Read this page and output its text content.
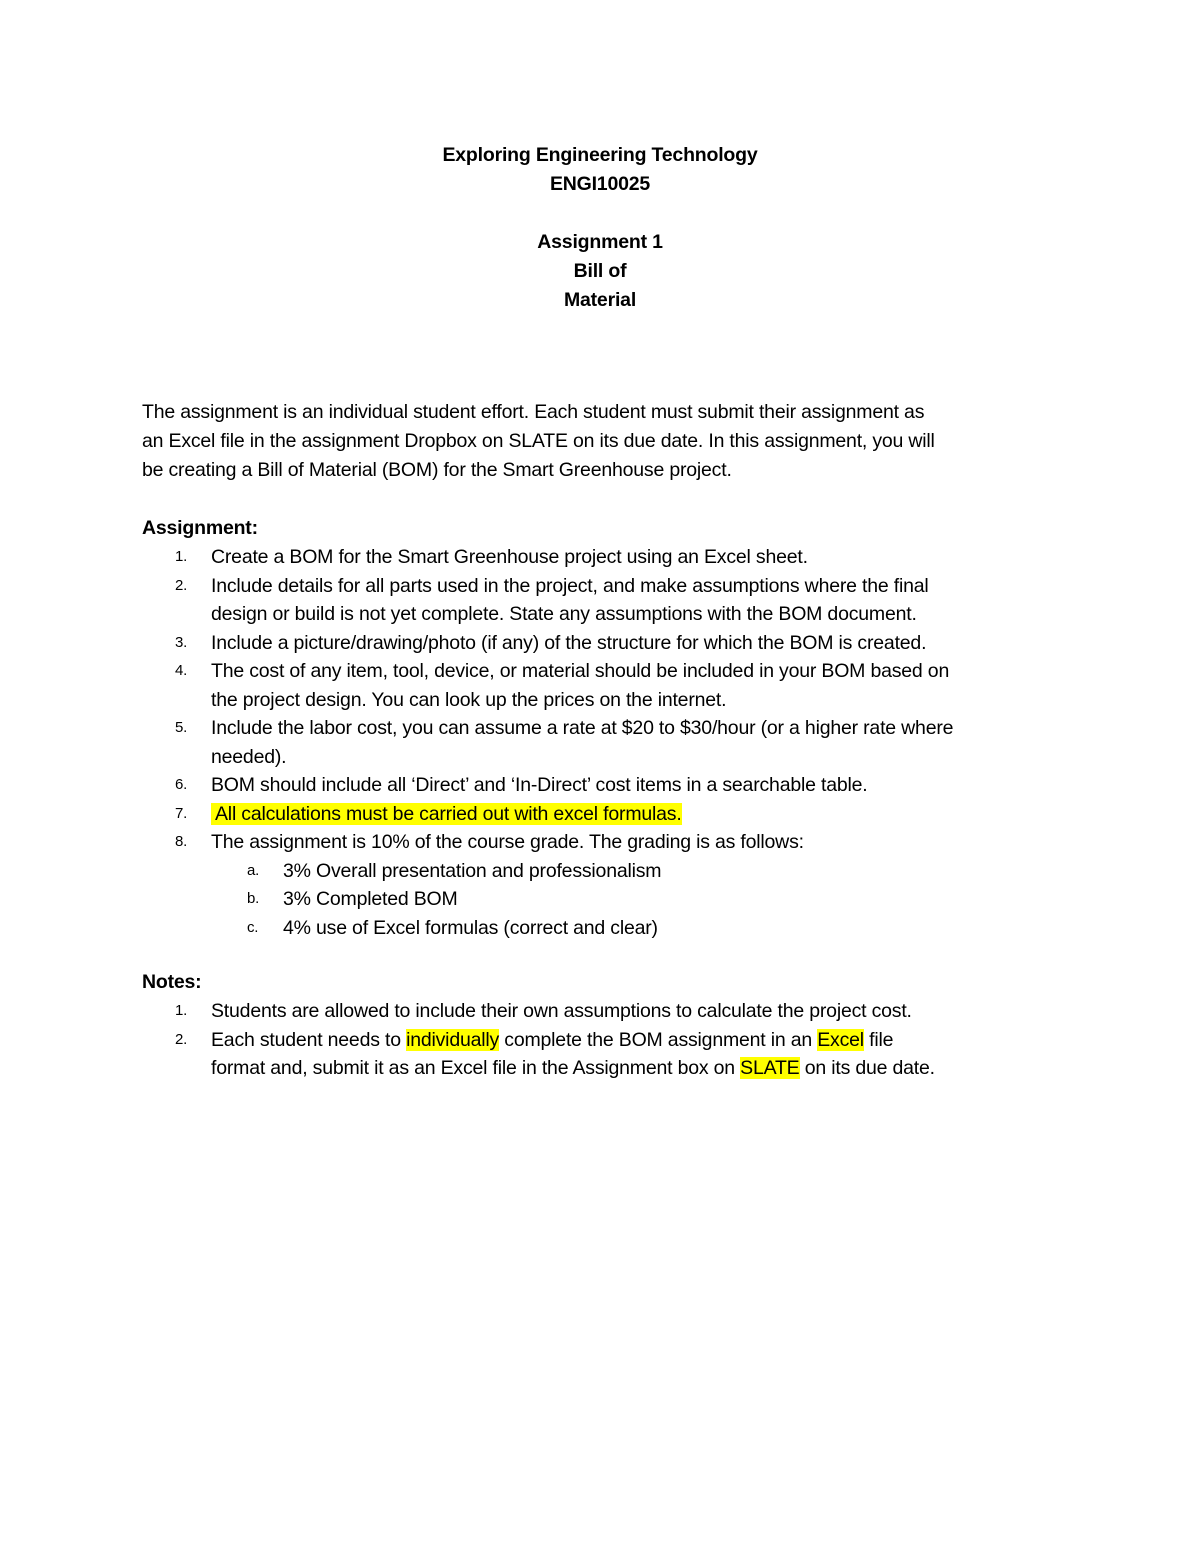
Exploring Engineering Technology
ENGI10025
Assignment 1
Bill of
Material
The assignment is an individual student effort. Each student must submit their assignment as
an Excel file in the assignment Dropbox on SLATE on its due date. In this assignment, you will
be creating a Bill of Material (BOM) for the Smart Greenhouse project.
Assignment:
1. Create a BOM for the Smart Greenhouse project using an Excel sheet.
2. Include details for all parts used in the project, and make assumptions where the final
design or build is not yet complete. State any assumptions with the BOM document.
3. Include a picture/drawing/photo (if any) of the structure for which the BOM is created.
4. The cost of any item, tool, device, or material should be included in your BOM based on
the project design. You can look up the prices on the internet.
5. Include the labor cost, you can assume a rate at $20 to $30/hour (or a higher rate where
needed).
6. BOM should include all ‘Direct’ and ‘In-Direct’ cost items in a searchable table.
7. All calculations must be carried out with excel formulas.
8. The assignment is 10% of the course grade. The grading is as follows:
a. 3% Overall presentation and professionalism
b. 3% Completed BOM
c. 4% use of Excel formulas (correct and clear)
Notes:
1. Students are allowed to include their own assumptions to calculate the project cost.
2. Each student needs to individually complete the BOM assignment in an Excel file
format and, submit it as an Excel file in the Assignment box on SLATE on its due date.
